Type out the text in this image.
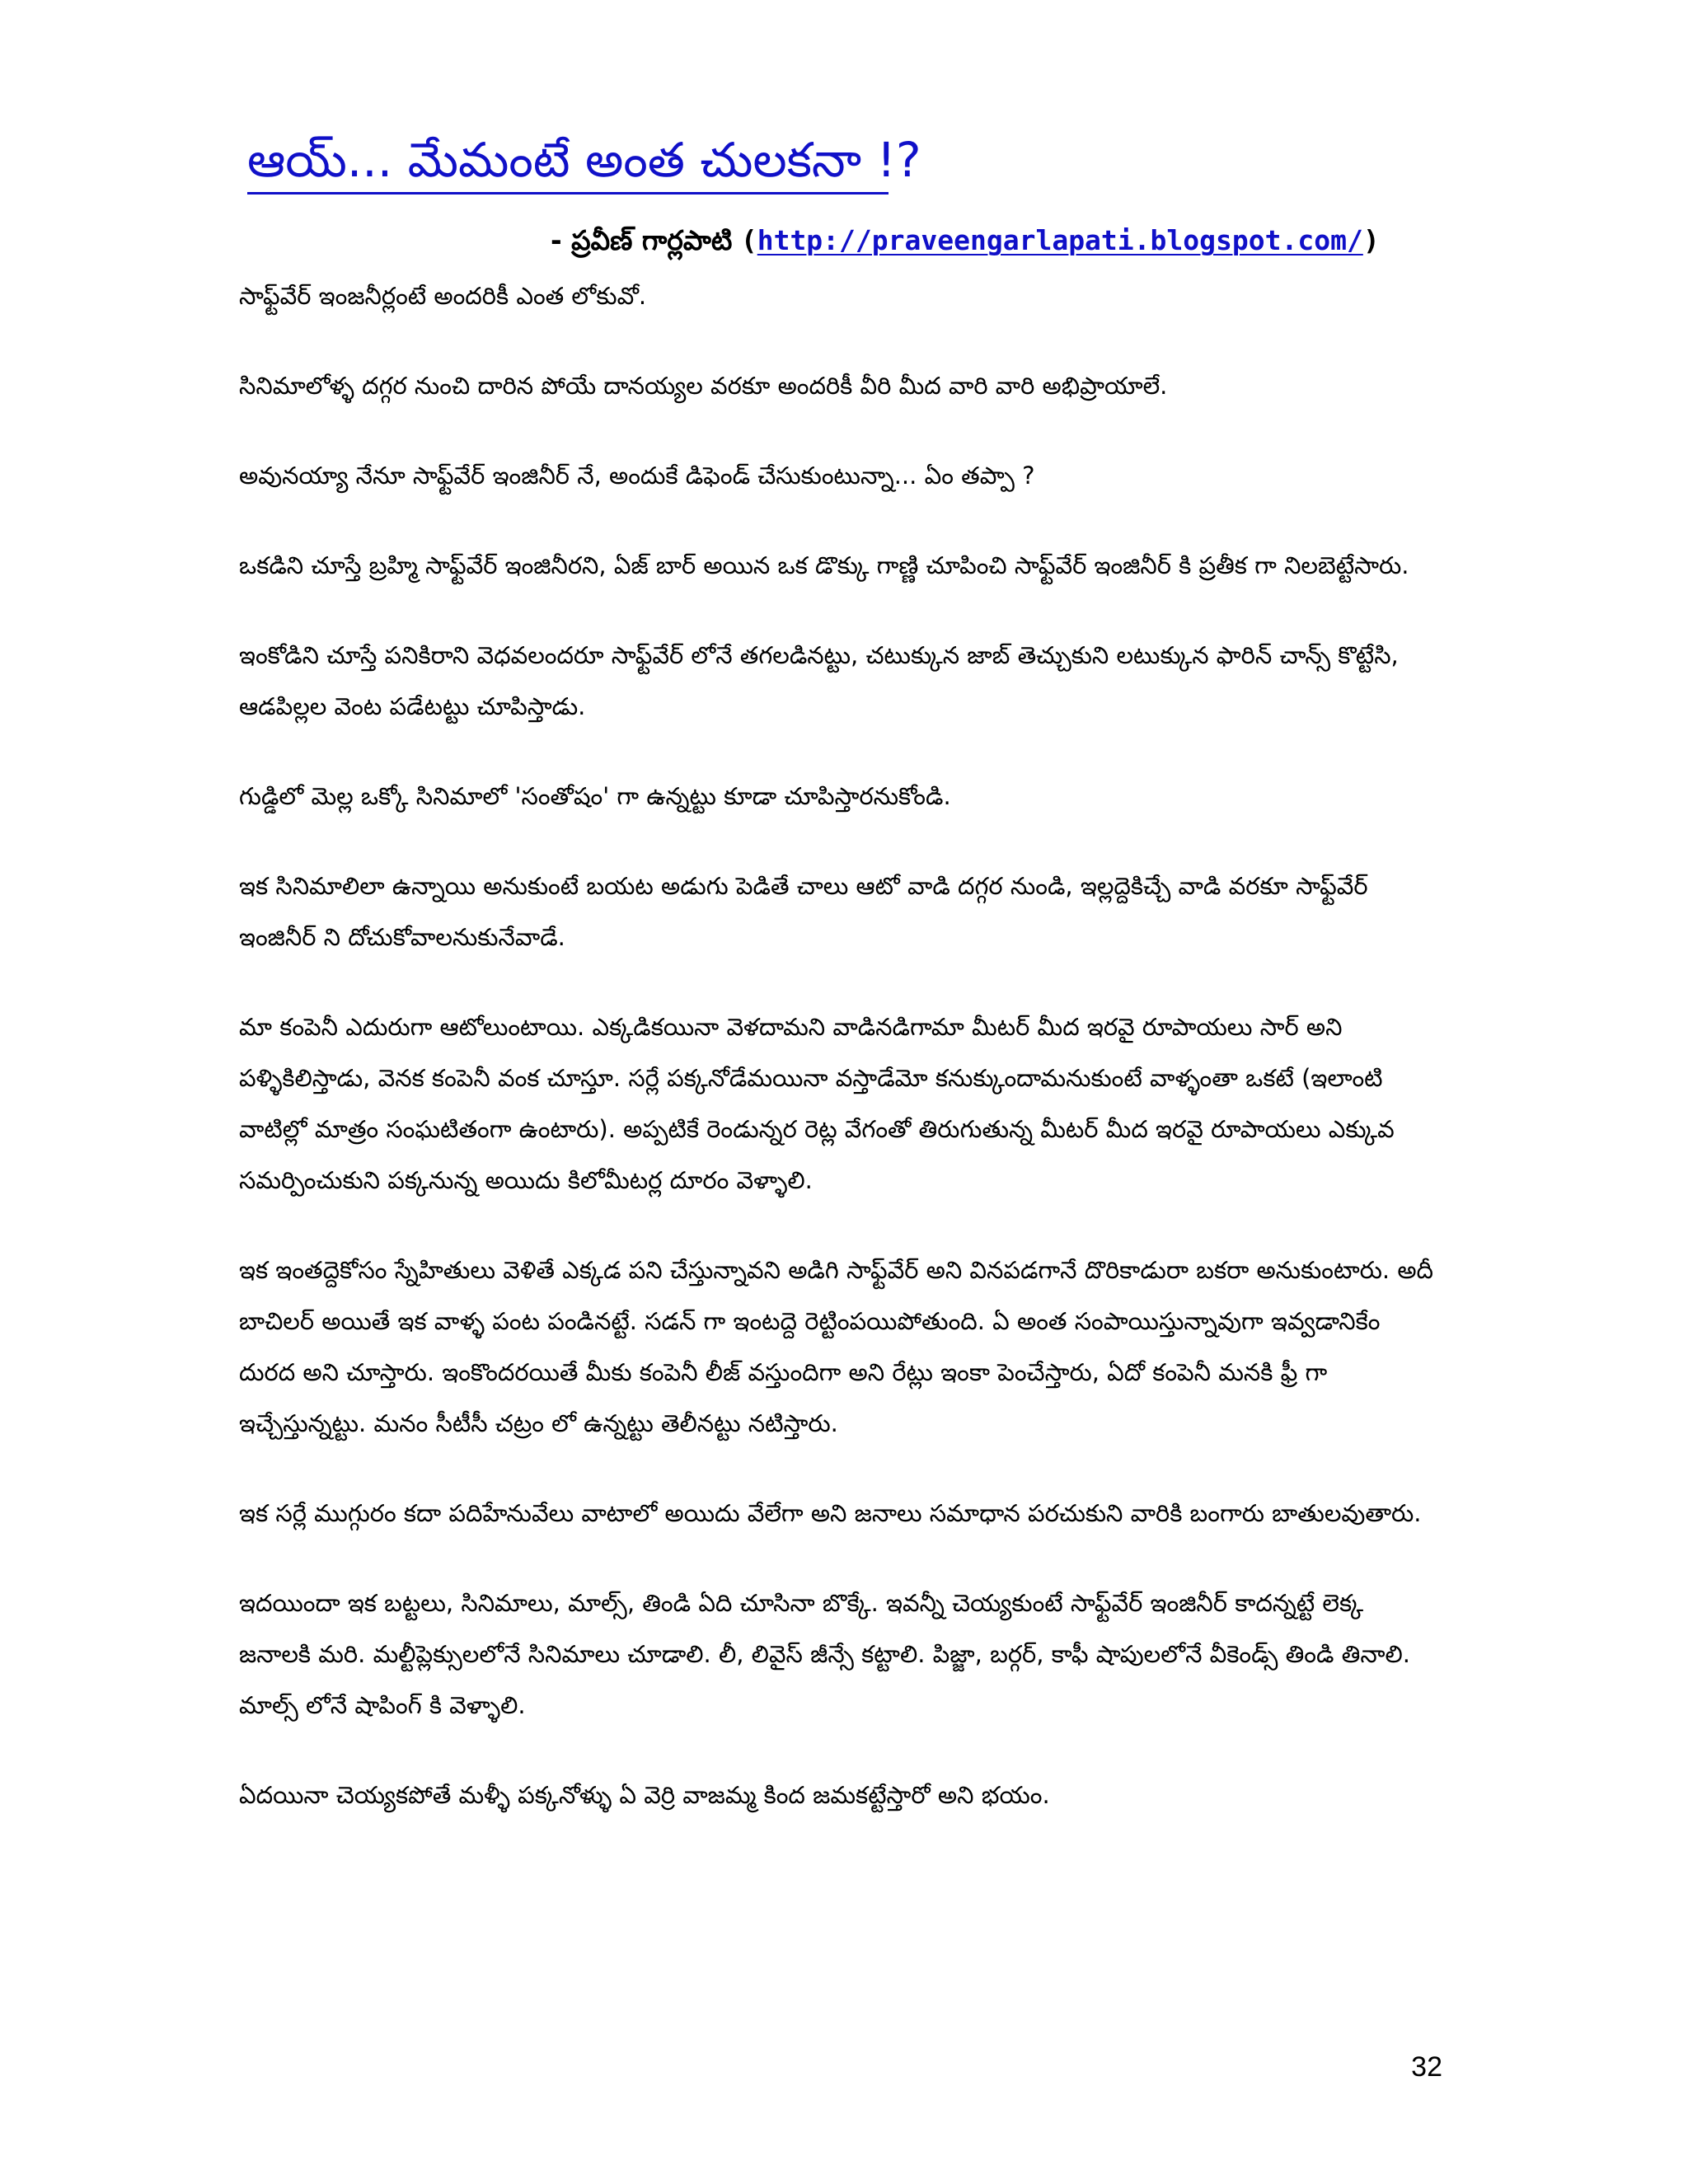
ఆయ్... మేమంటే అంత చులకనా !?
- ప్రవీణ్ గార్లపాటి (http://praveengarlapati.blogspot.com/)

సాఫ్ట్‌వేర్ ఇంజనీర్లంటే అందరికీ ఎంత లోకువో.

సినిమాలోళ్ళ దగ్గర నుంచి దారిన పోయే దానయ్యల వరకూ అందరికీ వీరి మీద వారి వారి అభిప్రాయాలే.

అవునయ్యా నేనూ సాఫ్ట్‌వేర్ ఇంజినీర్ నే, అందుకే డిఫెండ్ చేసుకుంటున్నా... ఏం తప్పా ?

ఒకడిని చూస్తే బ్రహ్మి సాఫ్ట్‌వేర్ ఇంజినీరని, ఏజ్ బార్ అయిన ఒక డొక్కు గాణ్ణి చూపించి సాఫ్ట్‌వేర్ ఇంజినీర్ కి ప్రతీక గా నిలబెట్టేసారు.

ఇంకోడిని చూస్తే పనికిరాని వెధవలందరూ సాఫ్ట్‌వేర్ లోనే తగలడినట్టు, చటుక్కున జాబ్ తెచ్చుకుని లటుక్కున ఫారిన్ చాన్స్ కొట్టేసి, ఆడపిల్లల వెంట పడేటట్టు చూపిస్తాడు.

గుడ్డిలో మెల్ల ఒక్కో సినిమాలో 'సంతోషం' గా ఉన్నట్టు కూడా చూపిస్తారనుకోండి.

ఇక సినిమాలిలా ఉన్నాయి అనుకుంటే బయట అడుగు పెడితే చాలు ఆటో వాడి దగ్గర నుండి, ఇల్లద్దెకిచ్చే వాడి వరకూ సాఫ్ట్‌వేర్ ఇంజినీర్ ని దోచుకోవాలనుకునేవాడే.

మా కంపెనీ ఎదురుగా ఆటోలుంటాయి. ఎక్కడికయినా వెళదామని వాడినడిగామా మీటర్ మీద ఇరవై రూపాయలు సార్ అని పళ్ళికిలిస్తాడు, వెనక కంపెనీ వంక చూస్తూ. సర్లే పక్కనోడేమయినా వస్తాడేమో కనుక్కుందామనుకుంటే వాళ్ళంతా ఒకటే (ఇలాంటి వాటిల్లో మాత్రం సంఘటితంగా ఉంటారు). అప్పటికే రెండున్నర రెట్ల వేగంతో తిరుగుతున్న మీటర్ మీద ఇరవై రూపాయలు ఎక్కువ సమర్పించుకుని పక్కనున్న అయిదు కిలోమీటర్ల దూరం వెళ్ళాలి.

ఇక ఇంతద్దెకోసం స్నేహితులు వెళితే ఎక్కడ పని చేస్తున్నావని అడిగి సాఫ్ట్‌వేర్ అని వినపడగానే దొరికాడురా బకరా అనుకుంటారు. అదీ బాచిలర్ అయితే ఇక వాళ్ళ పంట పండినట్టే. సడన్ గా ఇంటద్దె రెట్టింపయిపోతుంది. ఏ అంత సంపాయిస్తున్నావుగా ఇవ్వడానికేం దురద అని చూస్తారు. ఇంకొందరయితే మీకు కంపెనీ లీజ్ వస్తుందిగా అని రేట్లు ఇంకా పెంచేస్తారు, ఏదో కంపెనీ మనకి ఫ్రీ గా ఇచ్చేస్తున్నట్టు. మనం సీటీసీ చట్రం లో ఉన్నట్టు తెలీనట్టు నటిస్తారు.

ఇక సర్లే ముగ్గురం కదా పదిహేనువేలు వాటాలో అయిదు వేలేగా అని జనాలు సమాధాన పరచుకుని వారికి బంగారు బాతులవుతారు.

ఇదయిందా ఇక బట్టలు, సినిమాలు, మాల్స్, తిండి ఏది చూసినా బొక్కే. ఇవన్నీ చెయ్యకుంటే సాఫ్ట్‌వేర్ ఇంజినీర్ కాదన్నట్టే లెక్క జనాలకి మరి. మల్టీప్లెక్సులలోనే సినిమాలు చూడాలి. లీ, లివైస్ జీన్సే కట్టాలి. పిజ్జా, బర్గర్, కాఫీ షాపులలోనే వీకెండ్స్ తిండి తినాలి. మాల్స్ లోనే షాపింగ్ కి వెళ్ళాలి.

ఏదయినా చెయ్యకపోతే మళ్ళీ పక్కనోళ్ళు ఏ వెర్రి వాజమ్మ కింద జమకట్టేస్తారో అని భయం.

32
